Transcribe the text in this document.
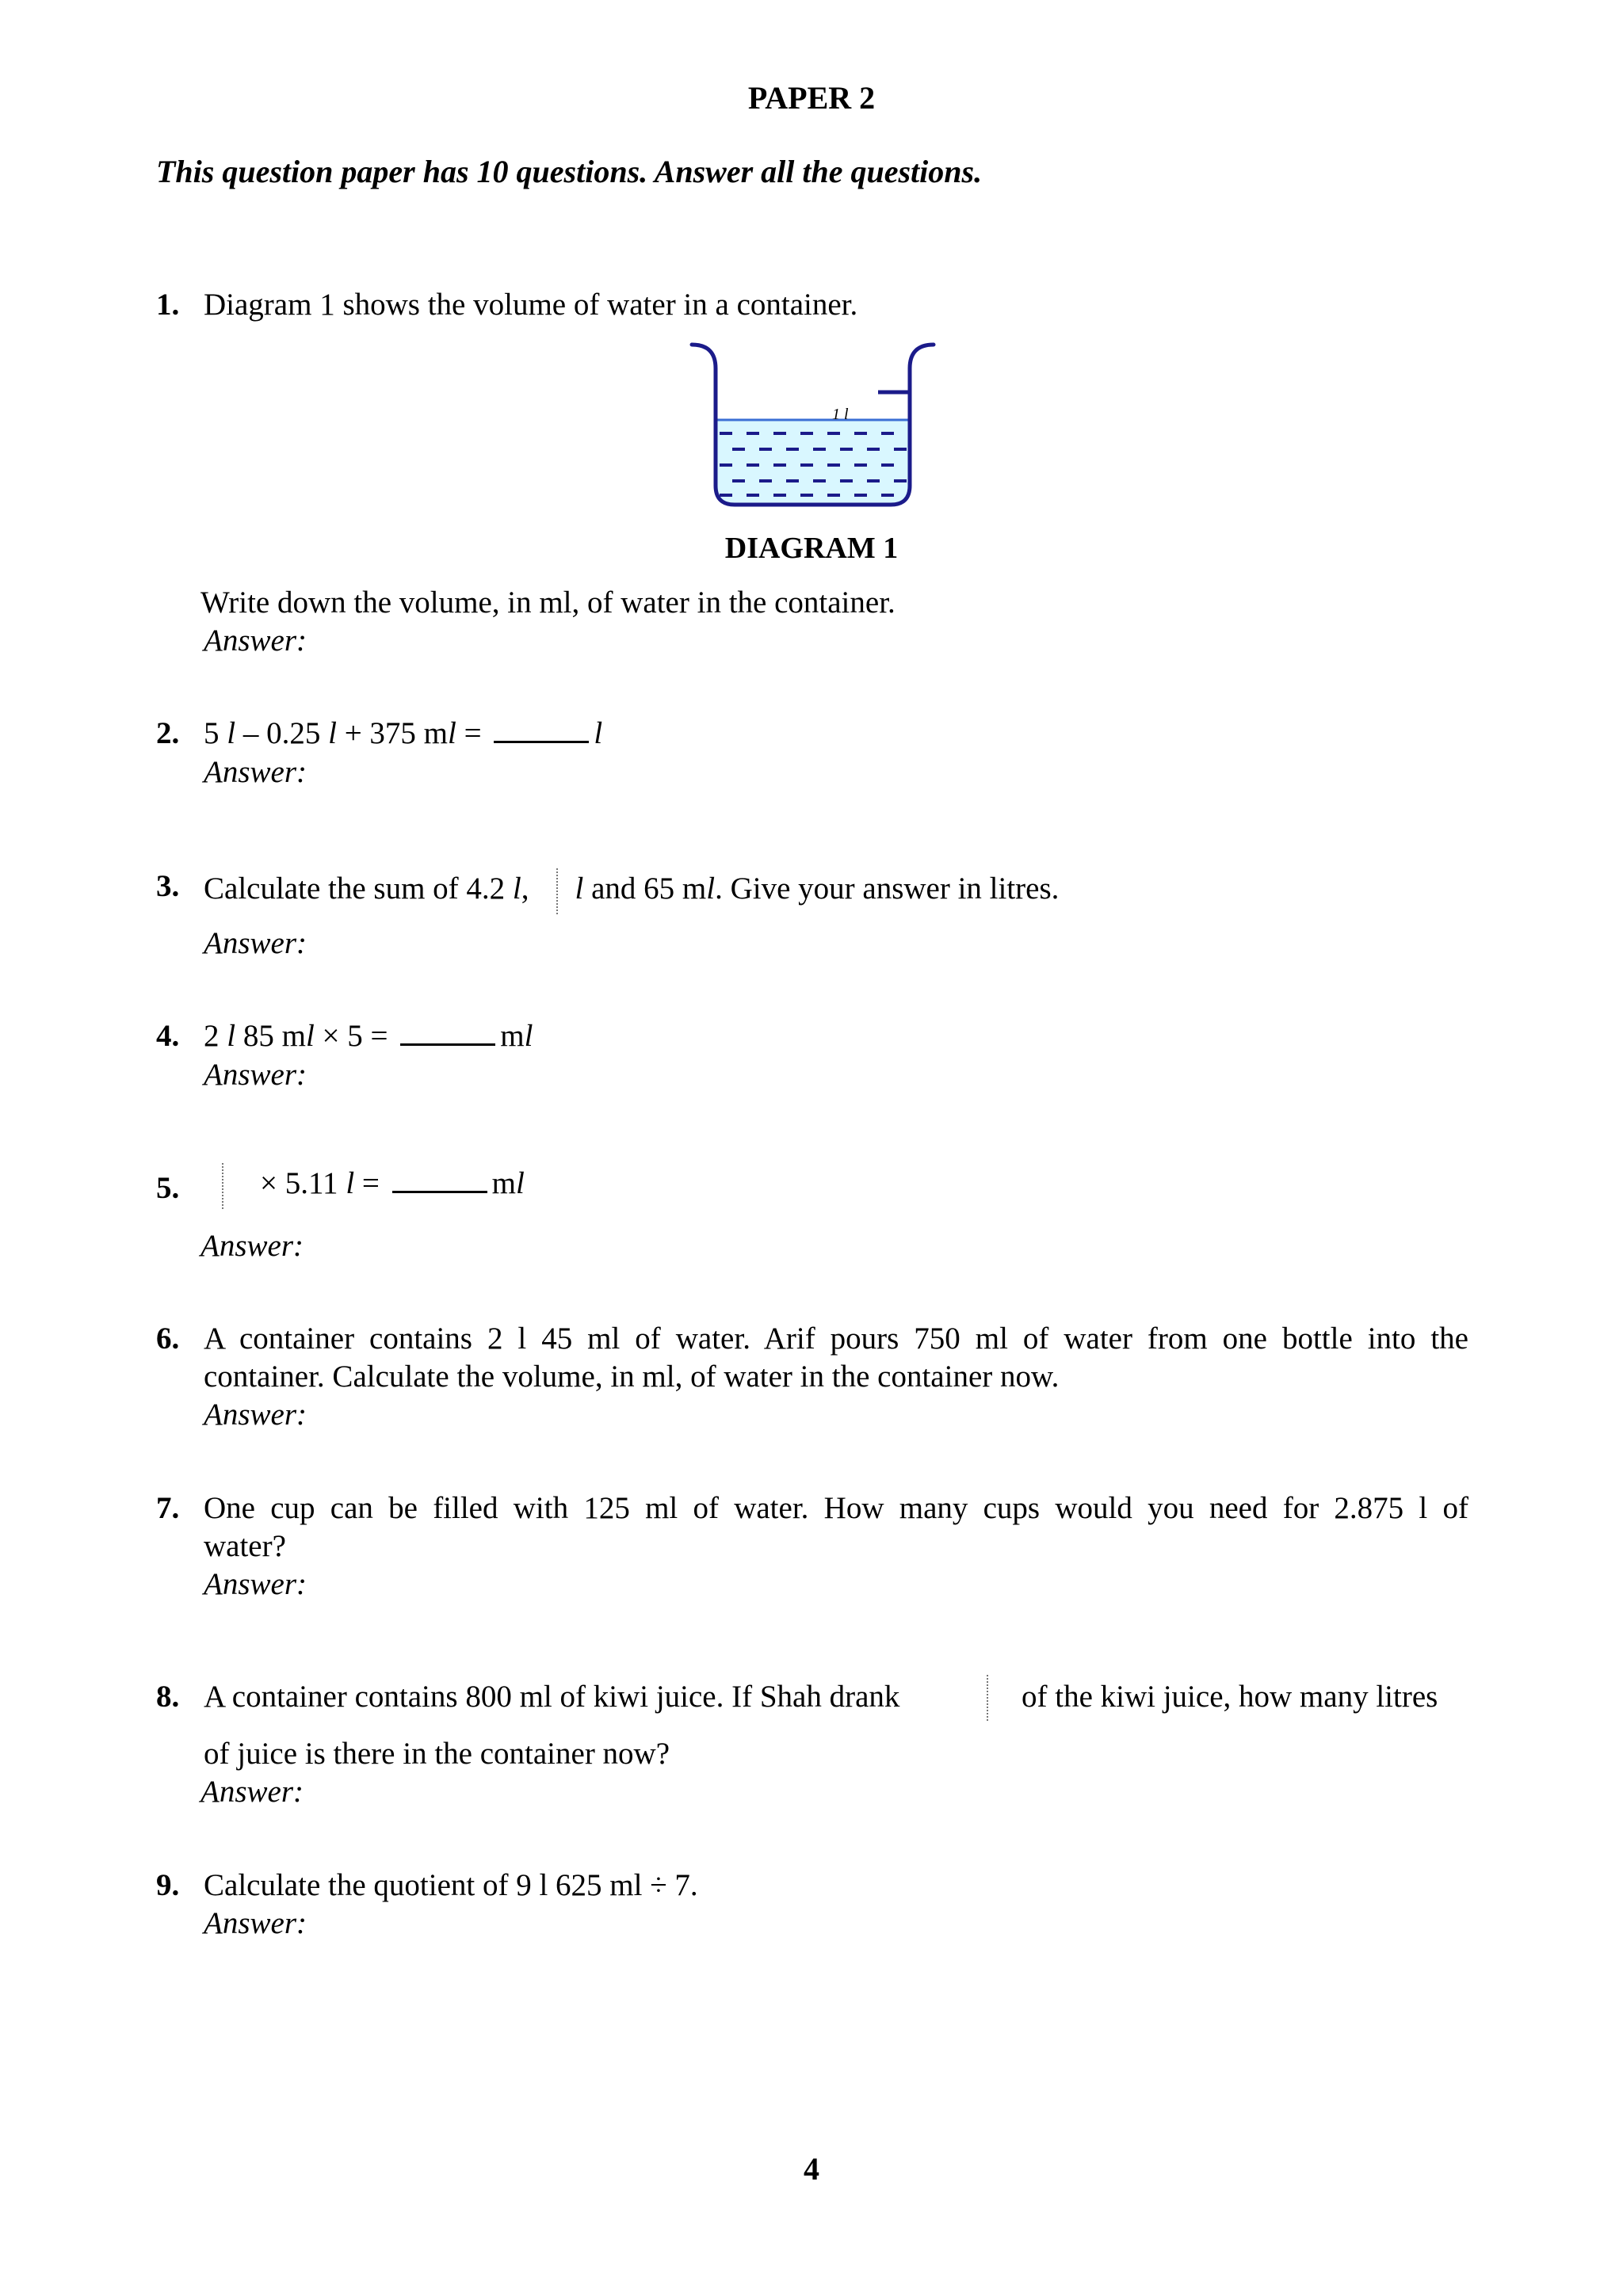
PAPER 2
This question paper has 10 questions. Answer all the questions.
1. Diagram 1 shows the volume of water in a container.
1 l
DIAGRAM 1
Write down the volume, in ml, of water in the container.
Answer:
2. 5 l – 0.25 l + 375 ml =	l
Answer:
3. Calculate the sum of 4.2 l, l and 65 ml. Give your answer in litres.
Answer:
4. 2 l 85 ml × 5 =	ml
Answer:
5.	× 5.11 l =	ml
Answer:
6. A container contains 2 l 45 ml of water. Arif pours 750 ml of water from one bottle into the
container. Calculate the volume, in ml, of water in the container now.
Answer:
7. One cup can be filled with 125 ml of water. How many cups would you need for 2.875 l of
water?
Answer:
8. A container contains 800 ml of kiwi juice. If Shah drank	of the kiwi juice, how many litres
of juice is there in the container now?
Answer:
9. Calculate the quotient of 9 l 625 ml ÷ 7.
Answer:
4
